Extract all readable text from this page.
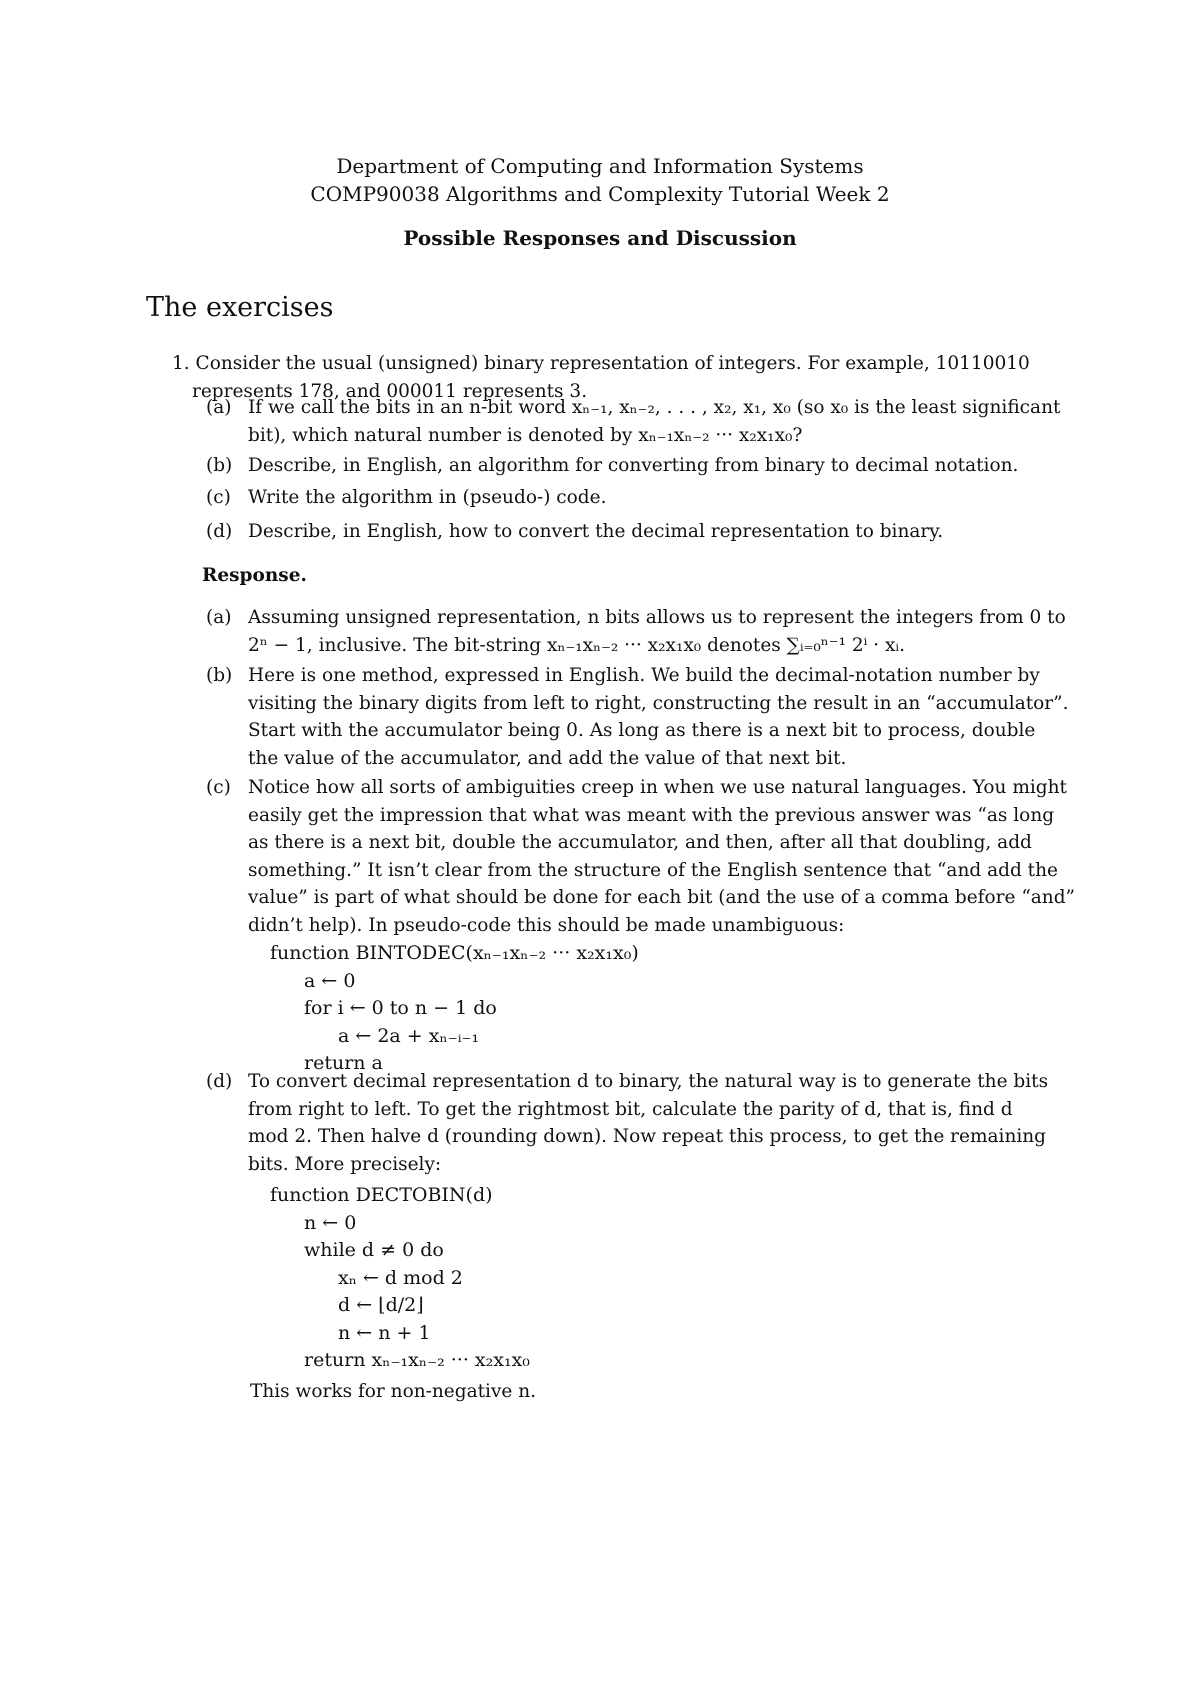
Department of Computing and Information Systems
COMP90038 Algorithms and Complexity Tutorial Week 2
Possible Responses and Discussion
The exercises
1. Consider the usual (unsigned) binary representation of integers. For example, 10110010
represents 178, and 000011 represents 3.
(a) If we call the bits in an n-bit word xₙ₋₁, xₙ₋₂, . . . , x₂, x₁, x₀ (so x₀ is the least significant
bit), which natural number is denoted by xₙ₋₁xₙ₋₂ ··· x₂x₁x₀?
(b) Describe, in English, an algorithm for converting from binary to decimal notation.
(c) Write the algorithm in (pseudo-) code.
(d) Describe, in English, how to convert the decimal representation to binary.
Response.
(a) Assuming unsigned representation, n bits allows us to represent the integers from 0 to
2ⁿ − 1, inclusive. The bit-string xₙ₋₁xₙ₋₂ ··· x₂x₁x₀ denotes ∑ᵢ₌₀ⁿ⁻¹ 2ⁱ · xᵢ.
(b) Here is one method, expressed in English. We build the decimal-notation number by
visiting the binary digits from left to right, constructing the result in an “accumulator”.
Start with the accumulator being 0. As long as there is a next bit to process, double
the value of the accumulator, and add the value of that next bit.
(c) Notice how all sorts of ambiguities creep in when we use natural languages. You might
easily get the impression that what was meant with the previous answer was “as long
as there is a next bit, double the accumulator, and then, after all that doubling, add
something.” It isn’t clear from the structure of the English sentence that “and add the
value” is part of what should be done for each bit (and the use of a comma before “and”
didn’t help). In pseudo-code this should be made unambiguous:
function BINTODEC(xₙ₋₁xₙ₋₂ ··· x₂x₁x₀)
a ← 0
for i ← 0 to n − 1 do
a ← 2a + xₙ₋ᵢ₋₁
return a
(d) To convert decimal representation d to binary, the natural way is to generate the bits
from right to left. To get the rightmost bit, calculate the parity of d, that is, find d
mod 2. Then halve d (rounding down). Now repeat this process, to get the remaining
bits. More precisely:
function DECTOBIN(d)
n ← 0
while d ≠ 0 do
xₙ ← d mod 2
d ← ⌊d/2⌋
n ← n + 1
return xₙ₋₁xₙ₋₂ ··· x₂x₁x₀
This works for non-negative n.
